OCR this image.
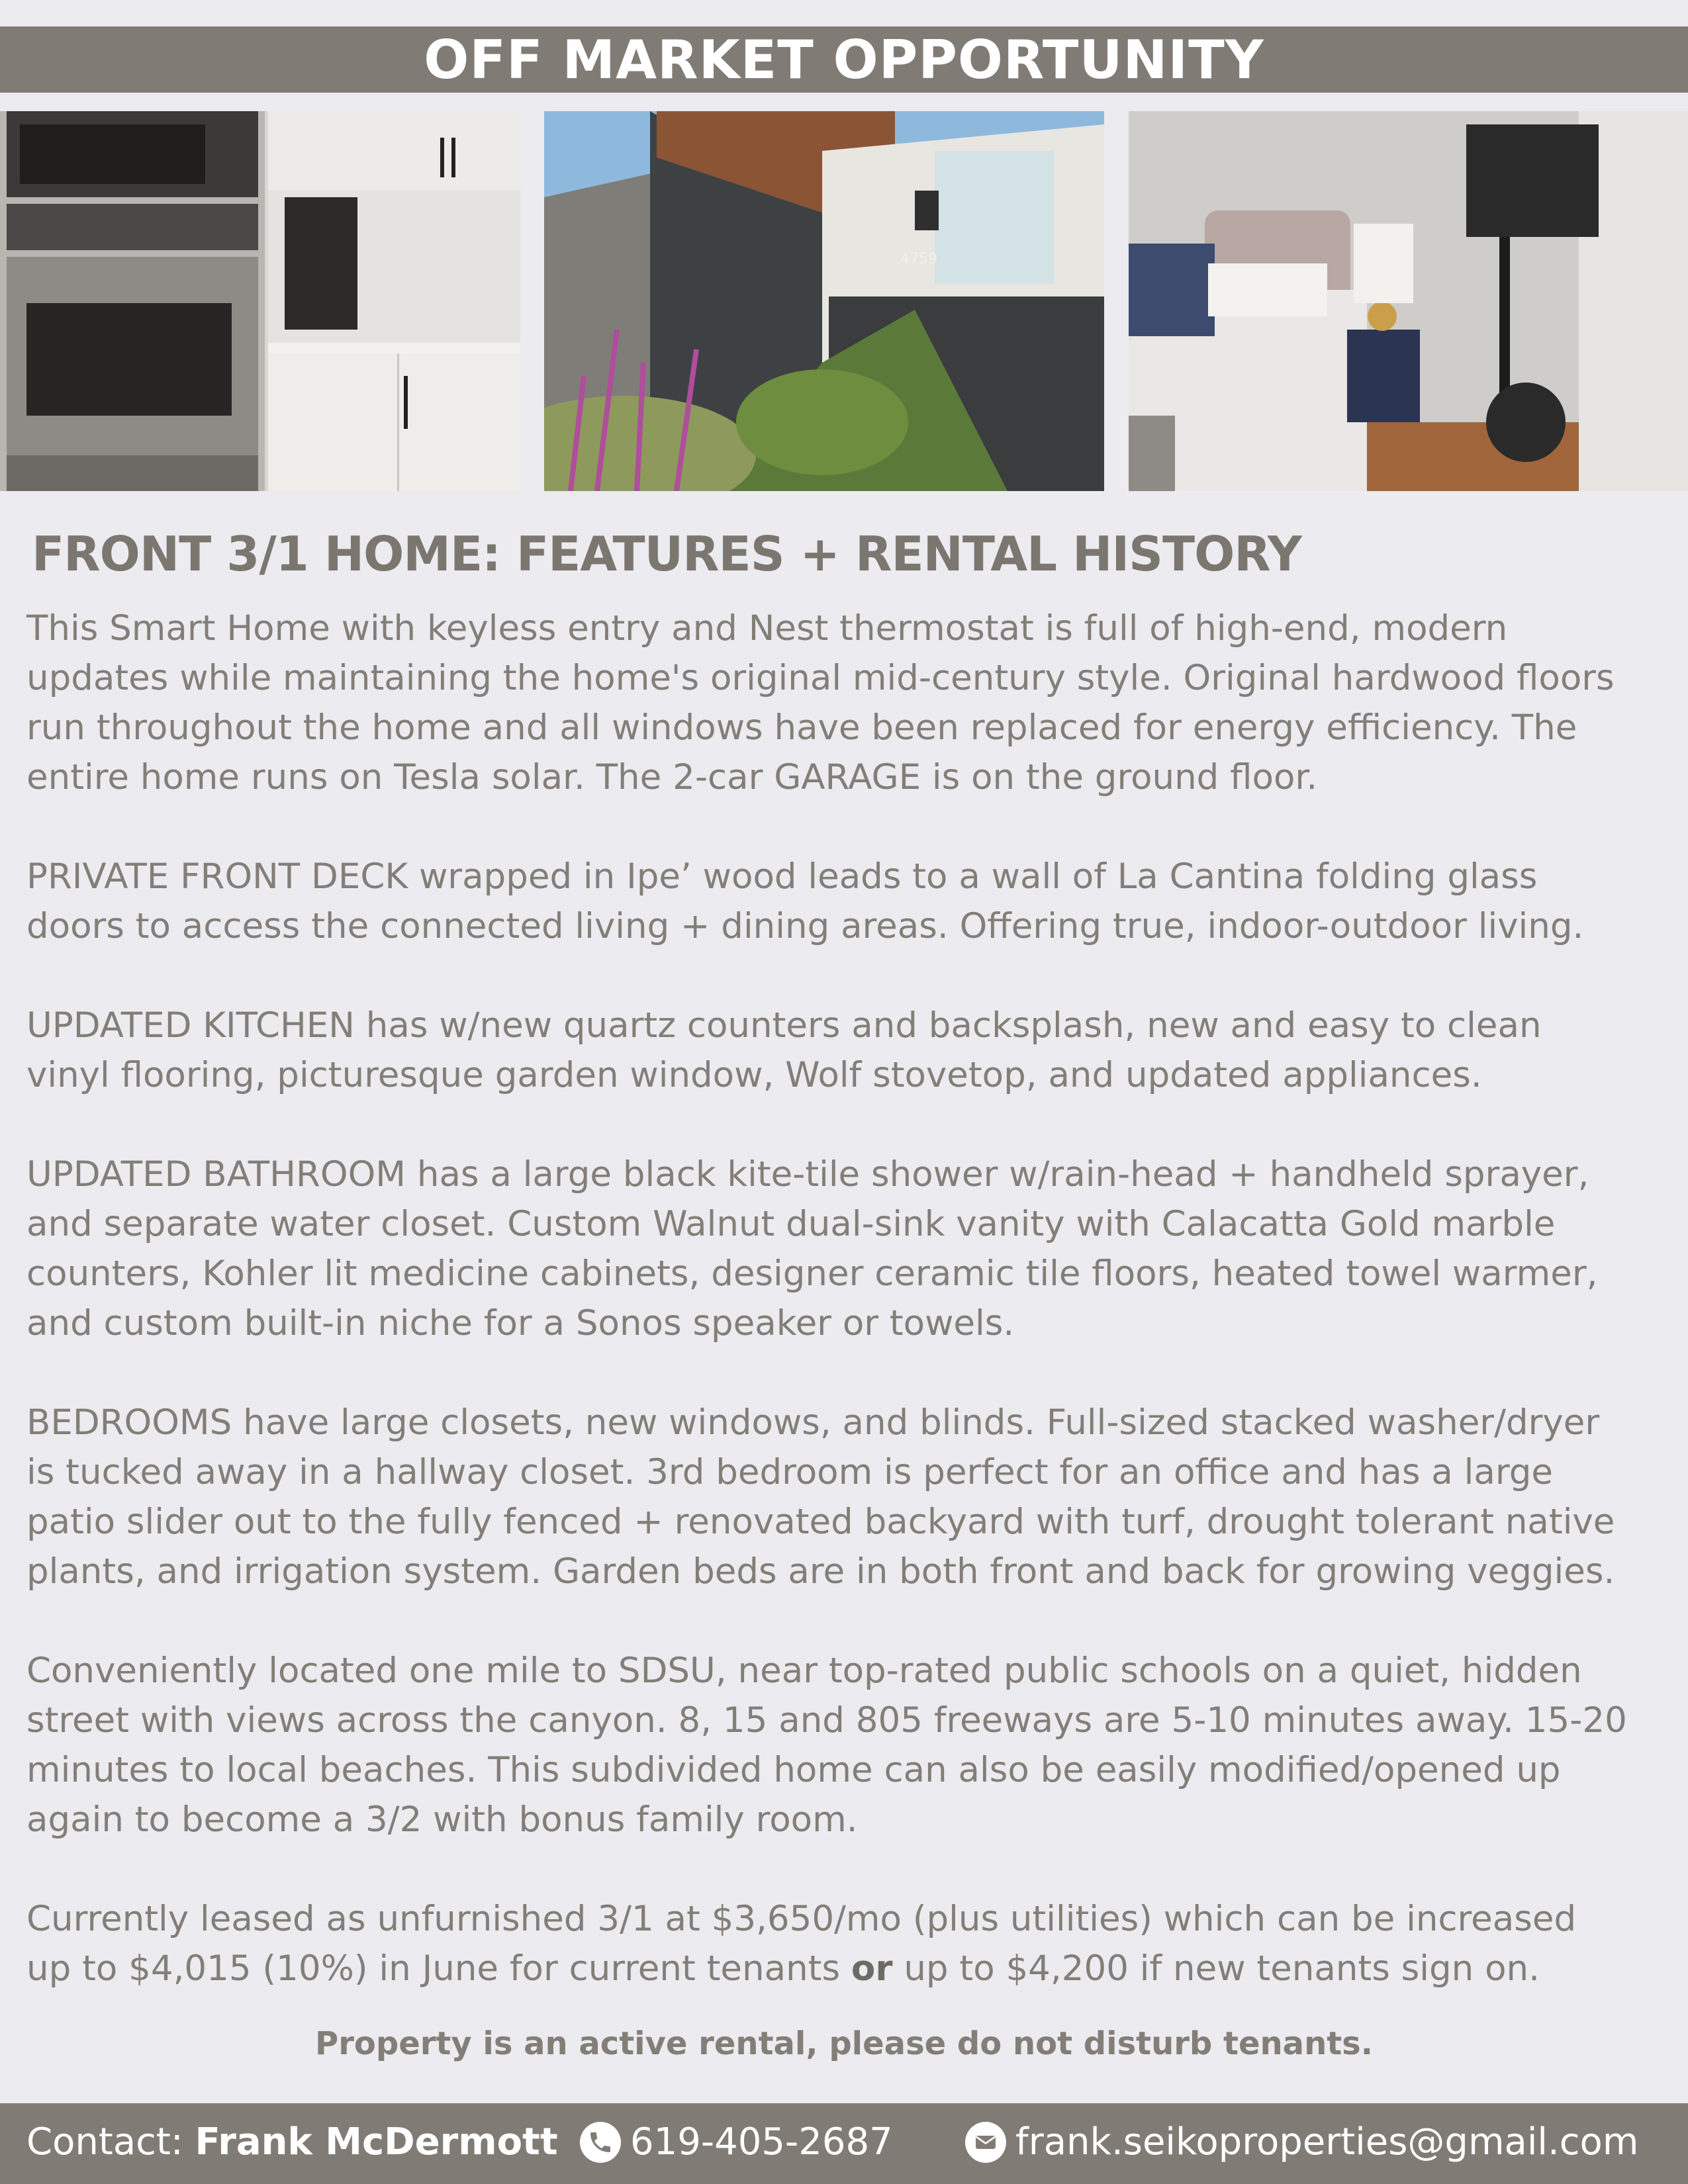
OFF MARKET OPPORTUNITY
4759
FRONT 3/1 HOME: FEATURES + RENTAL HISTORY

This Smart Home with keyless entry and Nest thermostat is full of high-end, modern
updates while maintaining the home's original mid-century style. Original hardwood floors
run throughout the home and all windows have been replaced for energy efficiency. The
entire home runs on Tesla solar. The 2-car GARAGE is on the ground floor.

PRIVATE FRONT DECK wrapped in Ipe’ wood leads to a wall of La Cantina folding glass
doors to access the connected living + dining areas. Offering true, indoor-outdoor living.

UPDATED KITCHEN has w/new quartz counters and backsplash, new and easy to clean
vinyl flooring, picturesque garden window, Wolf stovetop, and updated appliances.

UPDATED BATHROOM has a large black kite-tile shower w/rain-head + handheld sprayer,
and separate water closet. Custom Walnut dual-sink vanity with Calacatta Gold marble
counters, Kohler lit medicine cabinets, designer ceramic tile floors, heated towel warmer,
and custom built-in niche for a Sonos speaker or towels.

BEDROOMS have large closets, new windows, and blinds. Full-sized stacked washer/dryer
is tucked away in a hallway closet. 3rd bedroom is perfect for an office and has a large
patio slider out to the fully fenced + renovated backyard with turf, drought tolerant native
plants, and irrigation system. Garden beds are in both front and back for growing veggies.

Conveniently located one mile to SDSU, near top-rated public schools on a quiet, hidden
street with views across the canyon. 8, 15 and 805 freeways are 5-10 minutes away. 15-20
minutes to local beaches. This subdivided home can also be easily modified/opened up
again to become a 3/2 with bonus family room.

Currently leased as unfurnished 3/1 at $3,650/mo (plus utilities) which can be increased
up to $4,015 (10%) in June for current tenants or up to $4,200 if new tenants sign on.

Property is an active rental, please do not disturb tenants.
Contact: Frank McDermott 619-405-2687	frank.seikoproperties@gmail.com
